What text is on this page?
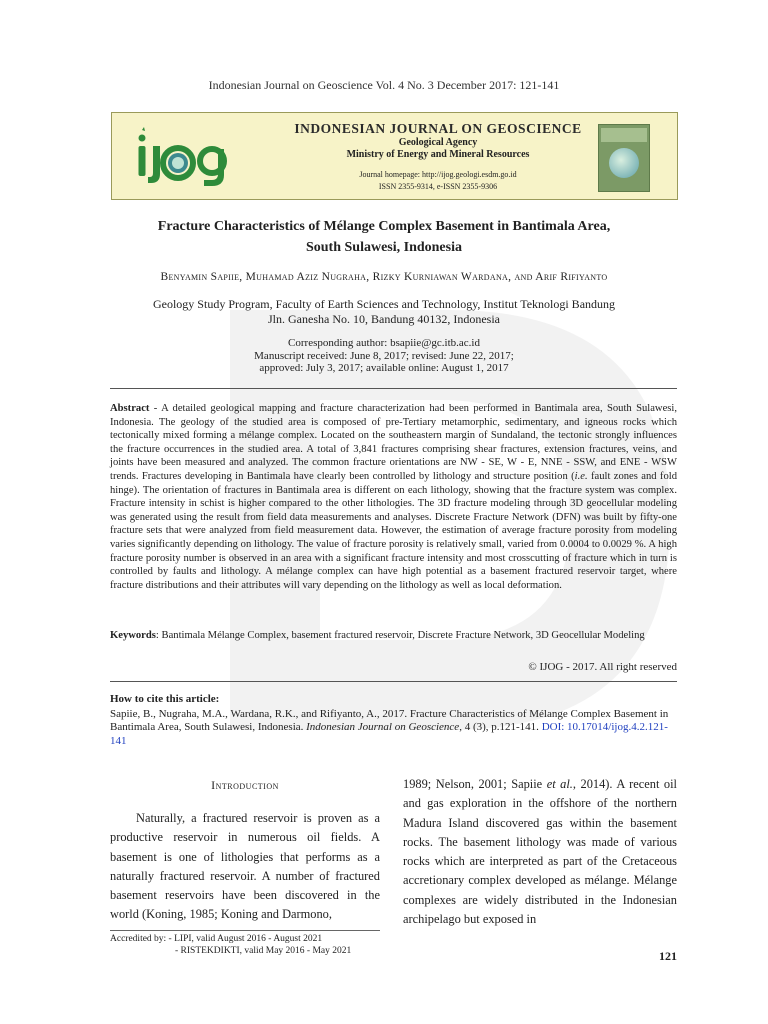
Indonesian Journal on Geoscience Vol. 4 No. 3 December 2017: 121-141
INDONESIAN JOURNAL ON GEOSCIENCE
Geological Agency
Ministry of Energy and Mineral Resources
Journal homepage: http://ijog.geologi.esdm.go.id
ISSN 2355-9314, e-ISSN 2355-9306
Fracture Characteristics of Mélange Complex Basement in Bantimala Area,
South Sulawesi, Indonesia
Benyamin Sapiie, Muhamad Aziz Nugraha, Rizky Kurniawan Wardana, and Arif Rifiyanto
Geology Study Program, Faculty of Earth Sciences and Technology, Institut Teknologi Bandung
Jln. Ganesha No. 10, Bandung 40132, Indonesia
Corresponding author: bsapiie@gc.itb.ac.id
Manuscript received: June 8, 2017; revised: June 22, 2017;
approved: July 3, 2017; available online: August 1, 2017
Abstract - A detailed geological mapping and fracture characterization had been performed in Bantimala area, South Sulawesi, Indonesia. The geology of the studied area is composed of pre-Tertiary metamorphic, sedimentary, and igneous rocks which tectonically mixed forming a mélange complex. Located on the southeastern margin of Sundaland, the tectonic strongly influences the fracture occurrences in the studied area. A total of 3,841 fractures comprising shear fractures, extension fractures, veins, and joints have been measured and analyzed. The common fracture orientations are NW - SE, W - E, NNE - SSW, and ENE - WSW trends. Fractures developing in Bantimala have clearly been controlled by lithology and structure position (i.e. fault zones and fold hinge). The orientation of fractures in Bantimala area is different on each lithology, showing that the fracture system was complex. Fracture intensity in schist is higher compared to the other lithologies. The 3D fracture modeling through 3D geocellular modeling was generated using the result from field data measurements and analyses. Discrete Fracture Network (DFN) was built by fifty-one fracture sets that were analyzed from field measurement data. However, the estimation of average fracture porosity from modeling varies significantly depending on lithology. The value of fracture porosity is relatively small, varied from 0.0004 to 0.0029 %. A high fracture porosity number is observed in an area with a significant fracture intensity and most crosscutting of fracture which in turn is controlled by faults and lithology. A mélange complex can have high potential as a basement fractured reservoir target, where fracture distributions and their attributes will vary depending on the lithology as well as local deformation.
Keywords: Bantimala Mélange Complex, basement fractured reservoir, Discrete Fracture Network, 3D Geocellular Modeling
© IJOG - 2017. All right reserved
How to cite this article:
Sapiie, B., Nugraha, M.A., Wardana, R.K., and Rifiyanto, A., 2017. Fracture Characteristics of Mélange Complex Basement in Bantimala Area, South Sulawesi, Indonesia. Indonesian Journal on Geoscience, 4 (3), p.121-141. DOI: 10.17014/ijog.4.2.121-141
Introduction
Naturally, a fractured reservoir is proven as a productive reservoir in numerous oil fields. A basement is one of lithologies that performs as a naturally fractured reservoir. A number of fractured basement reservoirs have been discovered in the world (Koning, 1985; Koning and Darmono,
1989; Nelson, 2001; Sapiie et al., 2014). A recent oil and gas exploration in the offshore of the northern Madura Island discovered gas within the basement rocks. The basement lithology was made of various rocks which are interpreted as part of the Cretaceous accretionary complex developed as mélange. Mélange complexes are widely distributed in the Indonesian archipelago but exposed in
Accredited by: - LIPI, valid August 2016 - August 2021
- RISTEKDIKTI, valid May 2016 - May 2021	121
